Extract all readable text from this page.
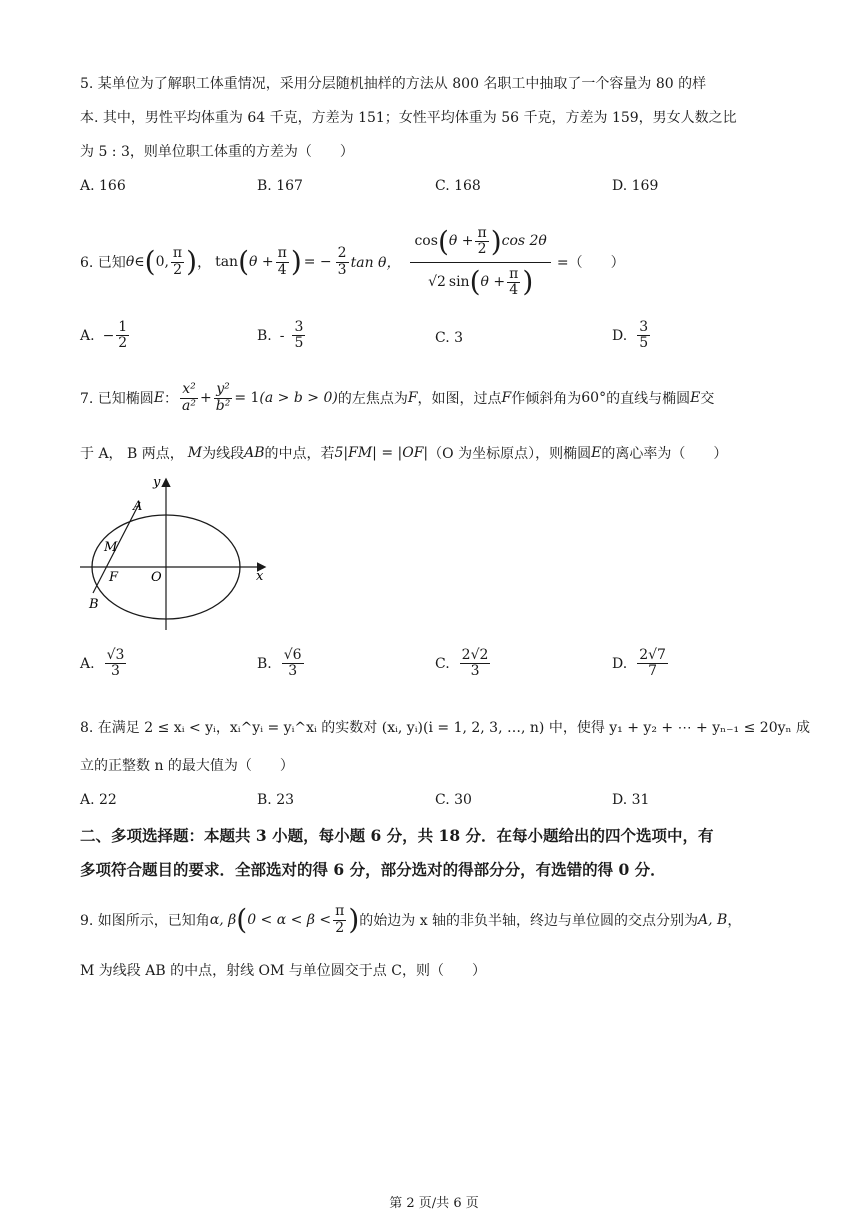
5. 某单位为了解职工体重情况，采用分层随机抽样的方法从 800 名职工中抽取了一个容量为 80 的样
本. 其中，男性平均体重为 64 千克，方差为 151；女性平均体重为 56 千克，方差为 159，男女人数之比
为 5 : 3，则单位职工体重的方差为（　　）
A. 166	B. 167	C. 168	D. 169
6. 已知 θ ∈ ( 0, $\frac{\pi}{2}$ ) ， tan ( $\theta + \frac{\pi}{4}$ ) = − $\frac{2}{3}$ tan θ，
cos ( $\theta + \frac{\pi}{2}$ ) cos 2θ
√2 sin ( $\theta + \frac{\pi}{4}$ )
=（　　）
A. − $\frac{1}{2}$	B. - $\frac{3}{5}$	C. 3	D. $\frac{3}{5}$
7. 已知椭圆 E ： $\frac{\text{x²}}{\text{a²}} + \frac{\text{y²}}{\text{b²}} = 1$ (a > b > 0) 的左焦点为 F ，如图，过点 F 作倾斜角为 60° 的直线与椭圆 E 交
于 A， B 两点， M 为线段 AB 的中点，若 5|FM| = |OF| （O 为坐标原点），则椭圆 E 的离心率为（　　）
A
M
F	O
B
x
y
A. $\frac{√3}{3}$	B. $\frac{√6}{3}$	C. $\frac{2√2}{3}$	D. $\frac{2√7}{7}$
8. 在满足 2 ≤ xᵢ < yᵢ，xᵢ^yᵢ = yᵢ^xᵢ 的实数对 (xᵢ, yᵢ)(i = 1, 2, 3, …, n) 中，使得 y₁ + y₂ + ⋯ + yₙ₋₁ ≤ 20yₙ 成
立的正整数 n 的最大值为（　　）
A. 22	B. 23	C. 30	D. 31
二、多项选择题：本题共 3 小题，每小题 6 分，共 18 分．在每小题给出的四个选项中，有
多项符合题目的要求．全部选对的得 6 分，部分选对的得部分分，有选错的得 0 分．
9. 如图所示，已知角 α, β ( $0 < \alpha < \beta < \frac{\pi}{2}$ ) 的始边为 x 轴的非负半轴，终边与单位圆的交点分别为 A, B ，
M 为线段 AB 的中点，射线 OM 与单位圆交于点 C，则（　　）
第 2 页/共 6 页
